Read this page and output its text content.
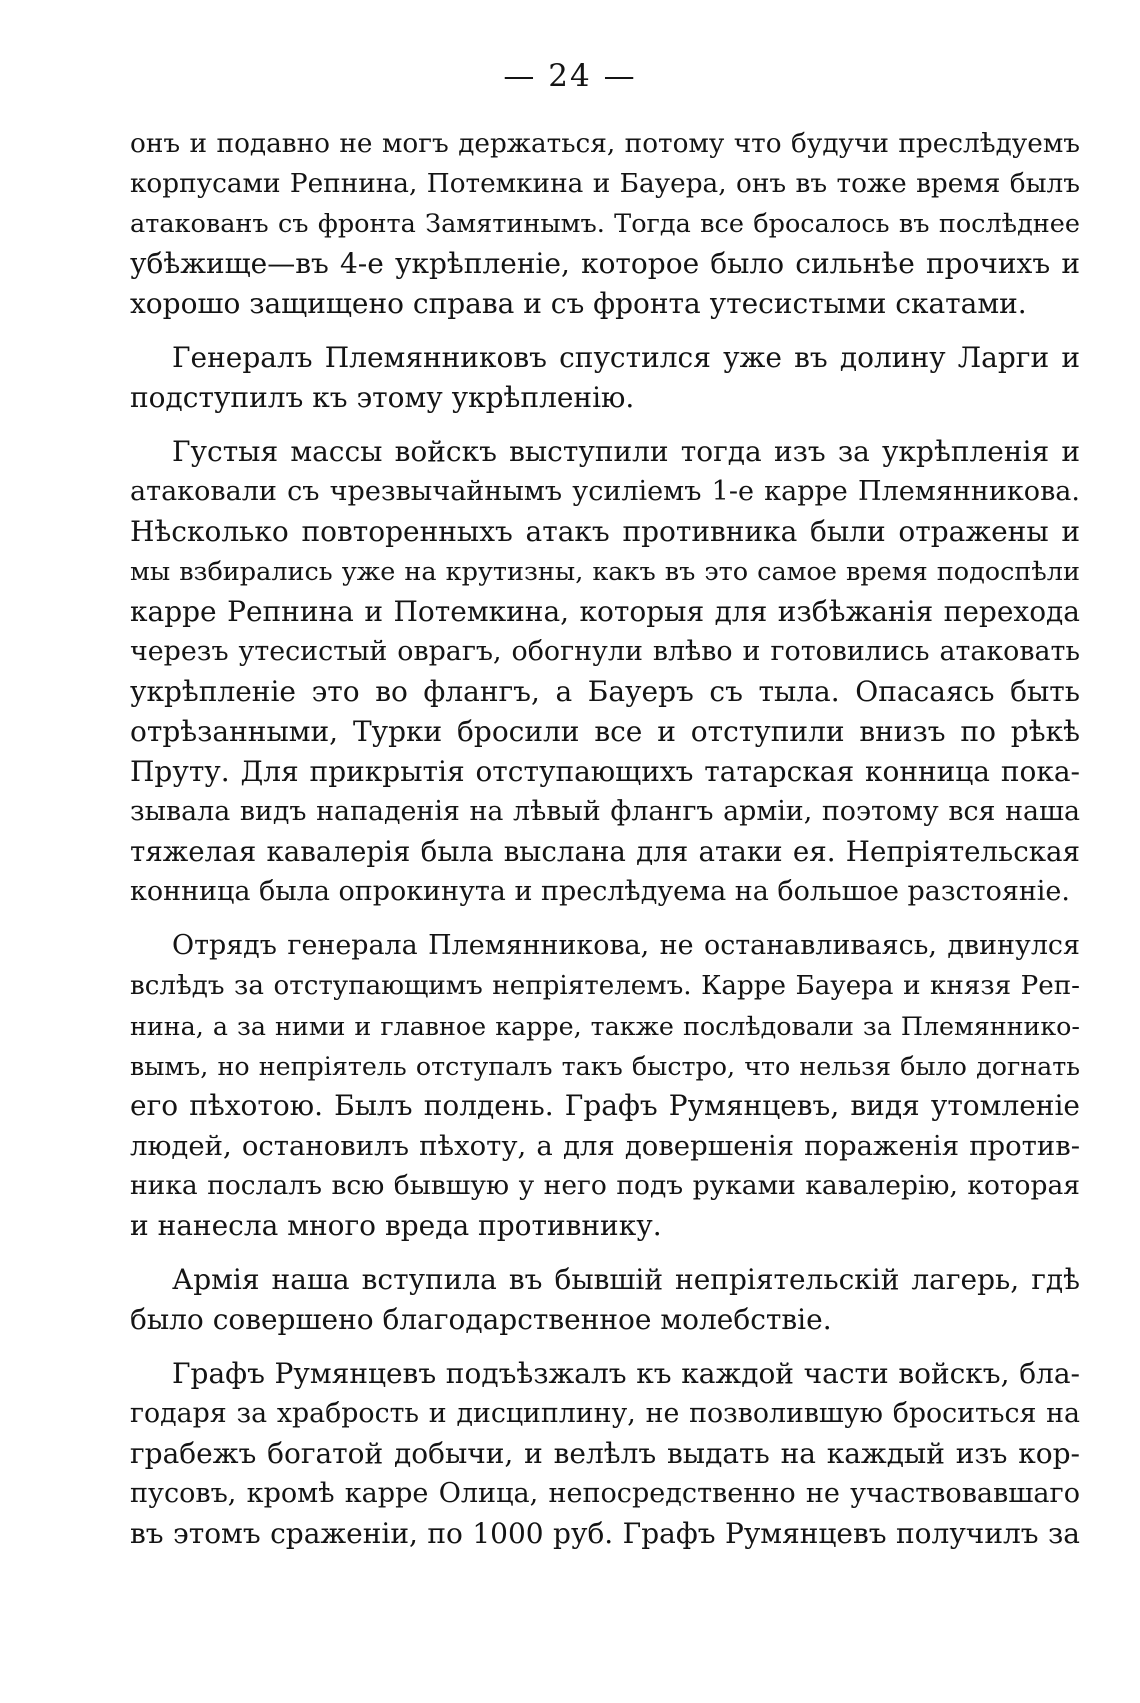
— 24 —
онъ и подавно не могъ держаться, потому что будучи преслѣдуемъ
корпусами Репнина, Потемкина и Бауера, онъ въ тоже время былъ
атакованъ съ фронта Замятинымъ. Тогда все бросалось въ послѣднее
убѣжище—въ 4-е укрѣпленіе, которое было сильнѣе прочихъ и
хорошо защищено справа и съ фронта утесистыми скатами.
Генералъ Племянниковъ спустился уже въ долину Ларги и
подступилъ къ этому укрѣпленію.
Густыя массы войскъ выступили тогда изъ за укрѣпленія и
атаковали съ чрезвычайнымъ усиліемъ 1-е карре Племянникова.
Нѣсколько повторенныхъ атакъ противника были отражены и
мы взбирались уже на крутизны, какъ въ это самое время подоспѣли
карре Репнина и Потемкина, которыя для избѣжанія перехода
черезъ утесистый оврагъ, обогнули влѣво и готовились атаковать
укрѣпленіе это во флангъ, а Бауеръ съ тыла. Опасаясь быть
отрѣзанными, Турки бросили все и отступили внизъ по рѣкѣ
Пруту. Для прикрытія отступающихъ татарская конница пока-
зывала видъ нападенія на лѣвый флангъ арміи, поэтому вся наша
тяжелая кавалерія была выслана для атаки ея. Непріятельская
конница была опрокинута и преслѣдуема на большое разстояніе.
Отрядъ генерала Племянникова, не останавливаясь, двинулся
вслѣдъ за отступающимъ непріятелемъ. Карре Бауера и князя Реп-
нина, а за ними и главное карре, также послѣдовали за Племяннико-
вымъ, но непріятель отступалъ такъ быстро, что нельзя было догнать
его пѣхотою. Былъ полдень. Графъ Румянцевъ, видя утомленіе
людей, остановилъ пѣхоту, а для довершенія пораженія против-
ника послалъ всю бывшую у него подъ руками кавалерію, которая
и нанесла много вреда противнику.
Армія наша вступила въ бывшій непріятельскій лагерь, гдѣ
было совершено благодарственное молебствіе.
Графъ Румянцевъ подъѣзжалъ къ каждой части войскъ, бла-
годаря за храбрость и дисциплину, не позволившую броситься на
грабежъ богатой добычи, и велѣлъ выдать на каждый изъ кор-
пусовъ, кромѣ карре Олица, непосредственно не участвовавшаго
въ этомъ сраженіи, по 1000 руб. Графъ Румянцевъ получилъ за
